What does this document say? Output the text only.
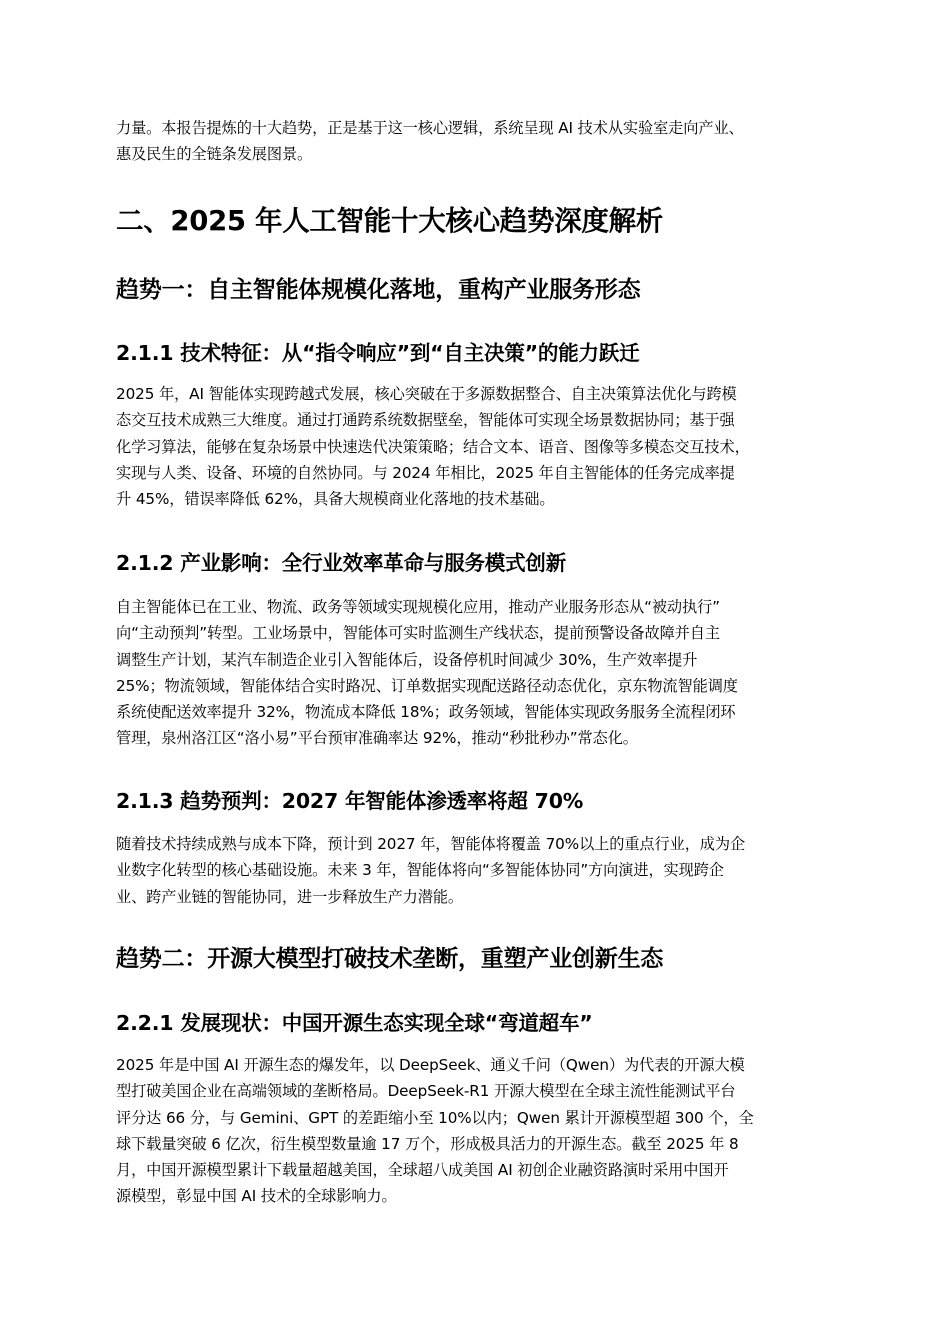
力量。本报告提炼的十大趋势，正是基于这一核心逻辑，系统呈现 AI 技术从实验室走向产业、
惠及民生的全链条发展图景。

二、2025 年人工智能十大核心趋势深度解析
趋势一：自主智能体规模化落地，重构产业服务形态
2.1.1 技术特征：从“指令响应”到“自主决策”的能力跃迁

2025 年，AI 智能体实现跨越式发展，核心突破在于多源数据整合、自主决策算法优化与跨模
态交互技术成熟三大维度。通过打通跨系统数据壁垒，智能体可实现全场景数据协同；基于强
化学习算法，能够在复杂场景中快速迭代决策策略；结合文本、语音、图像等多模态交互技术，
实现与人类、设备、环境的自然协同。与 2024 年相比，2025 年自主智能体的任务完成率提
升 45%，错误率降低 62%，具备大规模商业化落地的技术基础。

2.1.2 产业影响：全行业效率革命与服务模式创新

自主智能体已在工业、物流、政务等领域实现规模化应用，推动产业服务形态从“被动执行”
向“主动预判”转型。工业场景中，智能体可实时监测生产线状态，提前预警设备故障并自主
调整生产计划，某汽车制造企业引入智能体后，设备停机时间减少 30%，生产效率提升
25%；物流领域，智能体结合实时路况、订单数据实现配送路径动态优化，京东物流智能调度
系统使配送效率提升 32%，物流成本降低 18%；政务领域，智能体实现政务服务全流程闭环
管理，泉州洛江区“洛小易”平台预审准确率达 92%，推动“秒批秒办”常态化。

2.1.3 趋势预判：2027 年智能体渗透率将超 70%

随着技术持续成熟与成本下降，预计到 2027 年，智能体将覆盖 70%以上的重点行业，成为企
业数字化转型的核心基础设施。未来 3 年，智能体将向“多智能体协同”方向演进，实现跨企
业、跨产业链的智能协同，进一步释放生产力潜能。

趋势二：开源大模型打破技术垄断，重塑产业创新生态
2.2.1 发展现状：中国开源生态实现全球“弯道超车”

2025 年是中国 AI 开源生态的爆发年，以 DeepSeek、通义千问（Qwen）为代表的开源大模
型打破美国企业在高端领域的垄断格局。DeepSeek-R1 开源大模型在全球主流性能测试平台
评分达 66 分，与 Gemini、GPT 的差距缩小至 10%以内；Qwen 累计开源模型超 300 个，全
球下载量突破 6 亿次，衍生模型数量逾 17 万个，形成极具活力的开源生态。截至 2025 年 8
月，中国开源模型累计下载量超越美国，全球超八成美国 AI 初创企业融资路演时采用中国开
源模型，彰显中国 AI 技术的全球影响力。
